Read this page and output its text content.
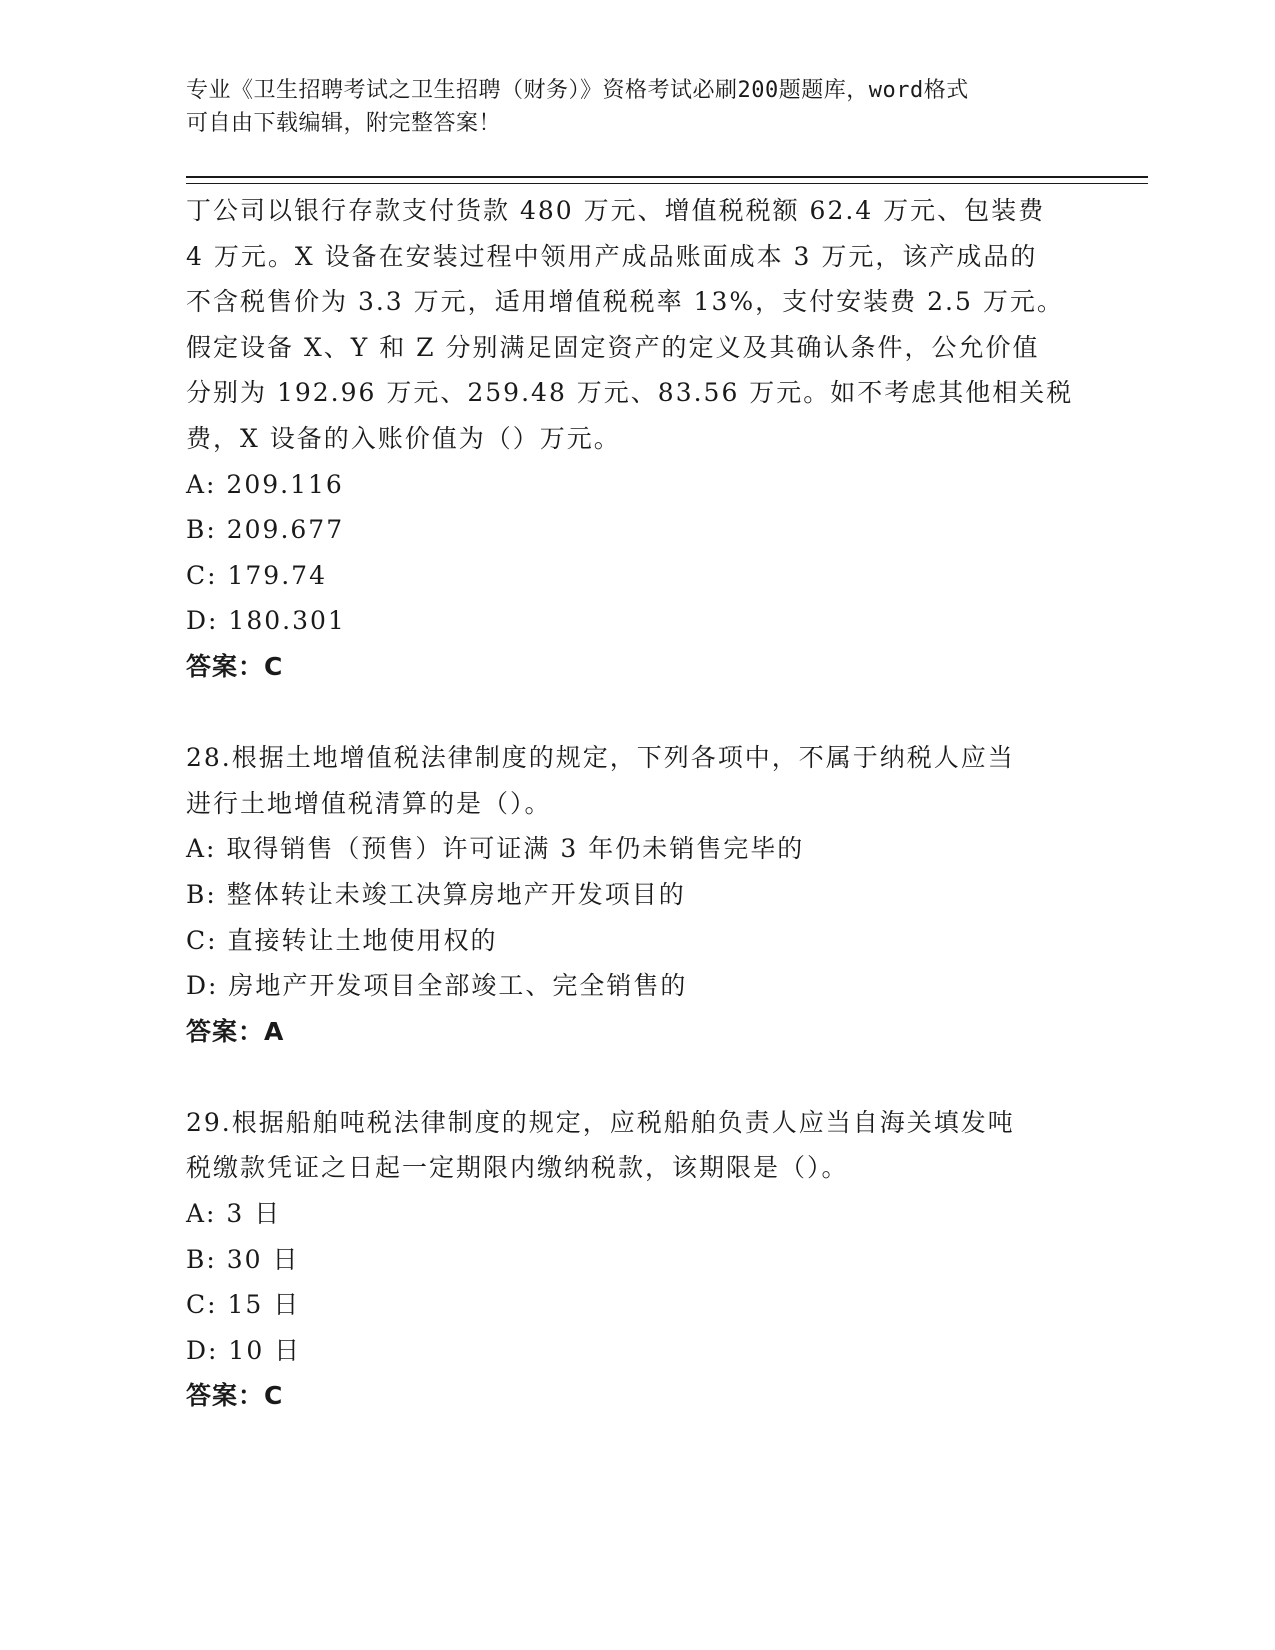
专业《卫生招聘考试之卫生招聘（财务）》资格考试必刷200题题库，word格式
可自由下载编辑，附完整答案！
丁公司以银行存款支付货款 480 万元、增值税税额 62.4 万元、包装费
4 万元。X 设备在安装过程中领用产成品账面成本 3 万元，该产成品的
不含税售价为 3.3 万元，适用增值税税率 13%，支付安装费 2.5 万元。
假定设备 X、Y 和 Z 分别满足固定资产的定义及其确认条件，公允价值
分别为 192.96 万元、259.48 万元、83.56 万元。如不考虑其他相关税
费，X 设备的入账价值为（）万元。
A: 209.116
B: 209.677
C: 179.74
D: 180.301
答案：C
28.根据土地增值税法律制度的规定，下列各项中，不属于纳税人应当
进行土地增值税清算的是（）。
A: 取得销售（预售）许可证满 3 年仍未销售完毕的
B: 整体转让未竣工决算房地产开发项目的
C: 直接转让土地使用权的
D: 房地产开发项目全部竣工、完全销售的
答案：A
29.根据船舶吨税法律制度的规定，应税船舶负责人应当自海关填发吨
税缴款凭证之日起一定期限内缴纳税款，该期限是（）。
A: 3 日
B: 30 日
C: 15 日
D: 10 日
答案：C
